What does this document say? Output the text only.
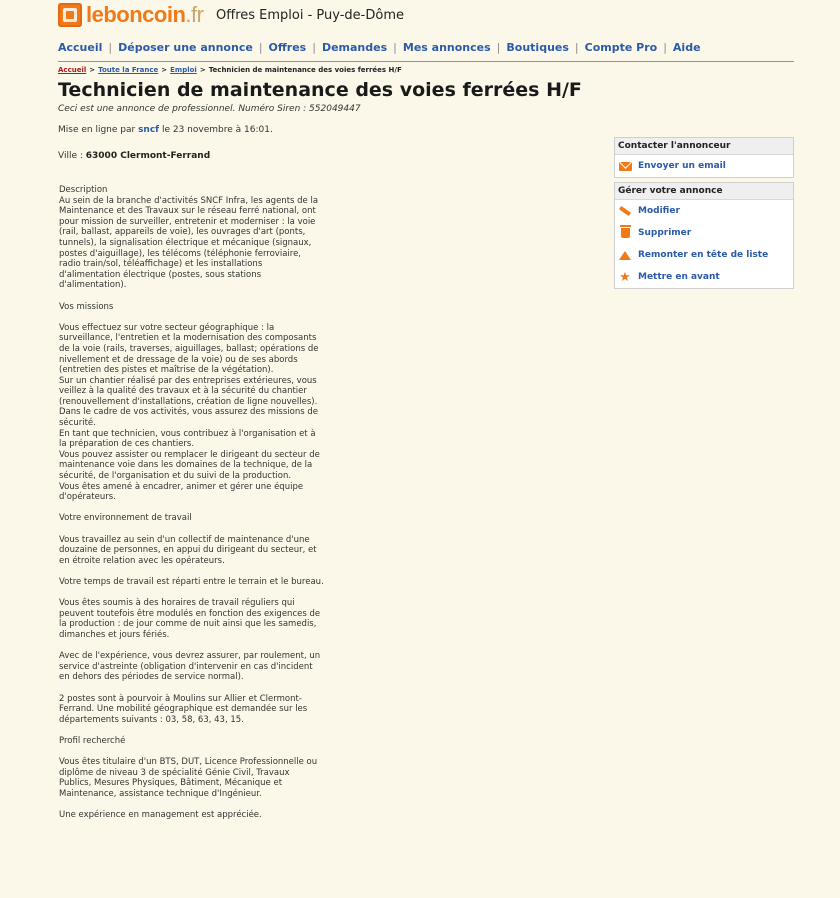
leboncoin.fr Offres Emploi - Puy-de-Dôme
Accueil | Déposer une annonce | Offres | Demandes | Mes annonces | Boutiques | Compte Pro | Aide
Accueil > Toute la France > Emploi > Technicien de maintenance des voies ferrées H/F
Technicien de maintenance des voies ferrées H/F
Ceci est une annonce de professionnel. Numéro Siren : 552049447
Mise en ligne par sncf le 23 novembre à 16:01.
Ville : 63000 Clermont-Ferrand

Description

Au sein de la branche d'activités SNCF Infra, les agents de la Maintenance et des Travaux sur le réseau ferré national, ont pour mission de surveiller, entretenir et moderniser : la voie (rail, ballast, appareils de voie), les ouvrages d'art (ponts, tunnels), la signalisation électrique et mécanique (signaux, postes d'aiguillage), les télécoms (téléphonie ferroviaire, radio train/sol, téléaffichage) et les installations d'alimentation électrique (postes, sous stations d'alimentation).

Vos missions

Vous effectuez sur votre secteur géographique : la surveillance, l'entretien et la modernisation des composants de la voie (rails, traverses, aiguillages, ballast; opérations de nivellement et de dressage de la voie) ou de ses abords (entretien des pistes et maîtrise de la végétation).
Sur un chantier réalisé par des entreprises extérieures, vous veillez à la qualité des travaux et à la sécurité du chantier (renouvellement d'installations, création de ligne nouvelles).
Dans le cadre de vos activités, vous assurez des missions de sécurité.
En tant que technicien, vous contribuez à l'organisation et à la préparation de ces chantiers.
Vous pouvez assister ou remplacer le dirigeant du secteur de maintenance voie dans les domaines de la technique, de la sécurité, de l'organisation et du suivi de la production.
Vous êtes amené à encadrer, animer et gérer une équipe d'opérateurs.

Votre environnement de travail

Vous travaillez au sein d'un collectif de maintenance d'une douzaine de personnes, en appui du dirigeant du secteur, et en étroite relation avec les opérateurs.

Votre temps de travail est réparti entre le terrain et le bureau.

Vous êtes soumis à des horaires de travail réguliers qui peuvent toutefois être modulés en fonction des exigences de la production : de jour comme de nuit ainsi que les samedis, dimanches et jours fériés.

Avec de l'expérience, vous devrez assurer, par roulement, un service d'astreinte (obligation d'intervenir en cas d'incident en dehors des périodes de service normal).

2 postes sont à pourvoir à Moulins sur Allier et Clermont-Ferrand. Une mobilité géographique est demandée sur les départements suivants : 03, 58, 63, 43, 15.

Profil recherché

Vous êtes titulaire d'un BTS, DUT, Licence Professionnelle ou diplôme de niveau 3 de spécialité Génie Civil, Travaux Publics, Mesures Physiques, Bâtiment, Mécanique et Maintenance, assistance technique d'Ingénieur.

Une expérience en management est appréciée.

Contacter l'annonceur
Envoyer un email
Gérer votre annonce
Modifier
Supprimer
Remonter en tête de liste
★ Mettre en avant
